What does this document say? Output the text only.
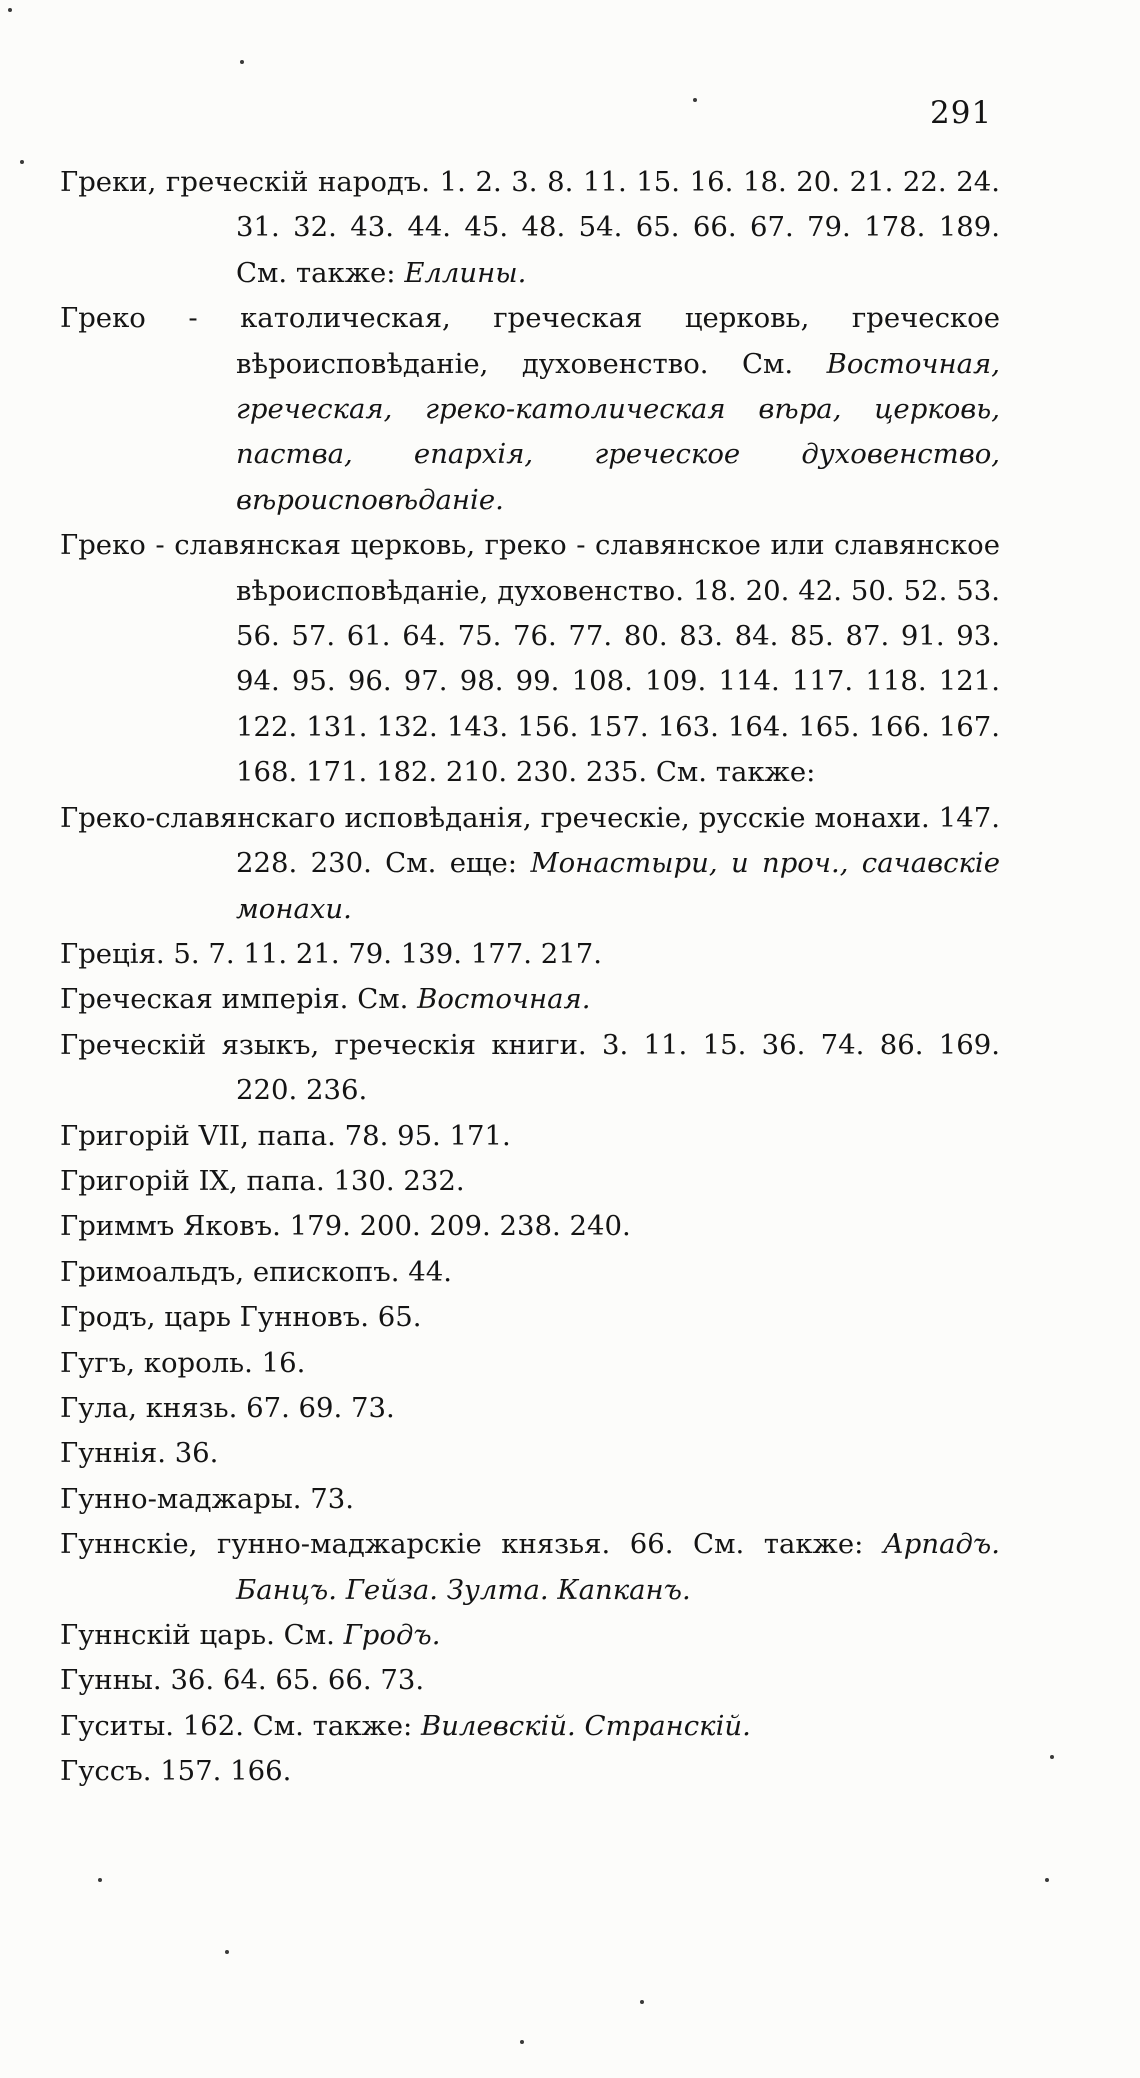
291

Греки, греческій народъ. 1. 2. 3. 8. 11. 15. 16. 18. 20. 21. 22. 24. 31. 32. 43. 44. 45. 48. 54. 65. 66. 67. 79. 178. 189. См. также: Еллины.

Греко - католическая, греческая церковь, греческое вѣроисповѣданіе, духовенство. См. Восточная, греческая, греко-католическая вѣра, церковь, паства, епархія, греческое духовенство, вѣроисповѣданіе.

Греко - славянская церковь, греко - славянское или славянское вѣроисповѣданіе, духовенство. 18. 20. 42. 50. 52. 53. 56. 57. 61. 64. 75. 76. 77. 80. 83. 84. 85. 87. 91. 93. 94. 95. 96. 97. 98. 99. 108. 109. 114. 117. 118. 121. 122. 131. 132. 143. 156. 157. 163. 164. 165. 166. 167. 168. 171. 182. 210. 230. 235. См. также:

Греко-славянскаго исповѣданія, греческіе, русскіе монахи. 147. 228. 230. См. еще: Монастыри, и проч., сачавскіе монахи.

Греція. 5. 7. 11. 21. 79. 139. 177. 217.

Греческая имперія. См. Восточная.

Греческій языкъ, греческія книги. 3. 11. 15. 36. 74. 86. 169. 220. 236.

Григорій VII, папа. 78. 95. 171.

Григорій IX, папа. 130. 232.

Гриммъ Яковъ. 179. 200. 209. 238. 240.

Гримоальдъ, епископъ. 44.

Гродъ, царь Гунновъ. 65.

Гугъ, король. 16.

Гула, князь. 67. 69. 73.

Гуннія. 36.

Гунно-маджары. 73.

Гуннскіе, гунно-маджарскіе князья. 66. См. также: Арпадъ. Банцъ. Гейза. Зулта. Капканъ.

Гуннскій царь. См. Гродъ.

Гунны. 36. 64. 65. 66. 73.

Гуситы. 162. См. также: Вилевскій. Странскій.

Гуссъ. 157. 166.
